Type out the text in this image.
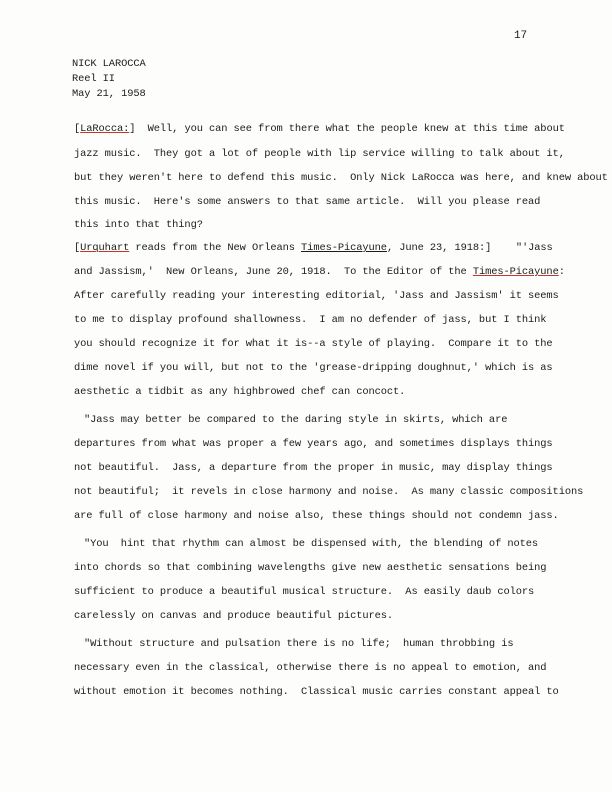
17
NICK LAROCCA
Reel II
May 21, 1958
[LaRocca:]  Well, you can see from there what the people knew at this time about
jazz music.  They got a lot of people with lip service willing to talk about it,
but they weren't here to defend this music.  Only Nick LaRocca was here, and knew about
this music.  Here's some answers to that same article.  Will you please read
this into that thing?
[Urquhart reads from the New Orleans Times-Picayune, June 23, 1918:] "'Jass
and Jassism,'  New Orleans, June 20, 1918.  To the Editor of the Times-Picayune:
After carefully reading your interesting editorial, 'Jass and Jassism' it seems
to me to display profound shallowness.  I am no defender of jass, but I think
you should recognize it for what it is--a style of playing.  Compare it to the
dime novel if you will, but not to the 'grease-dripping doughnut,' which is as
aesthetic a tidbit as any highbrowed chef can concoct.
"Jass may better be compared to the daring style in skirts, which are
departures from what was proper a few years ago, and sometimes displays things
not beautiful.  Jass, a departure from the proper in music, may display things
not beautiful;  it revels in close harmony and noise.  As many classic compositions
are full of close harmony and noise also, these things should not condemn jass.
"You  hint that rhythm can almost be dispensed with, the blending of notes
into chords so that combining wavelengths give new aesthetic sensations being
sufficient to produce a beautiful musical structure.  As easily daub colors
carelessly on canvas and produce beautiful pictures.
"Without structure and pulsation there is no life;  human throbbing is
necessary even in the classical, otherwise there is no appeal to emotion, and
without emotion it becomes nothing.  Classical music carries constant appeal to
